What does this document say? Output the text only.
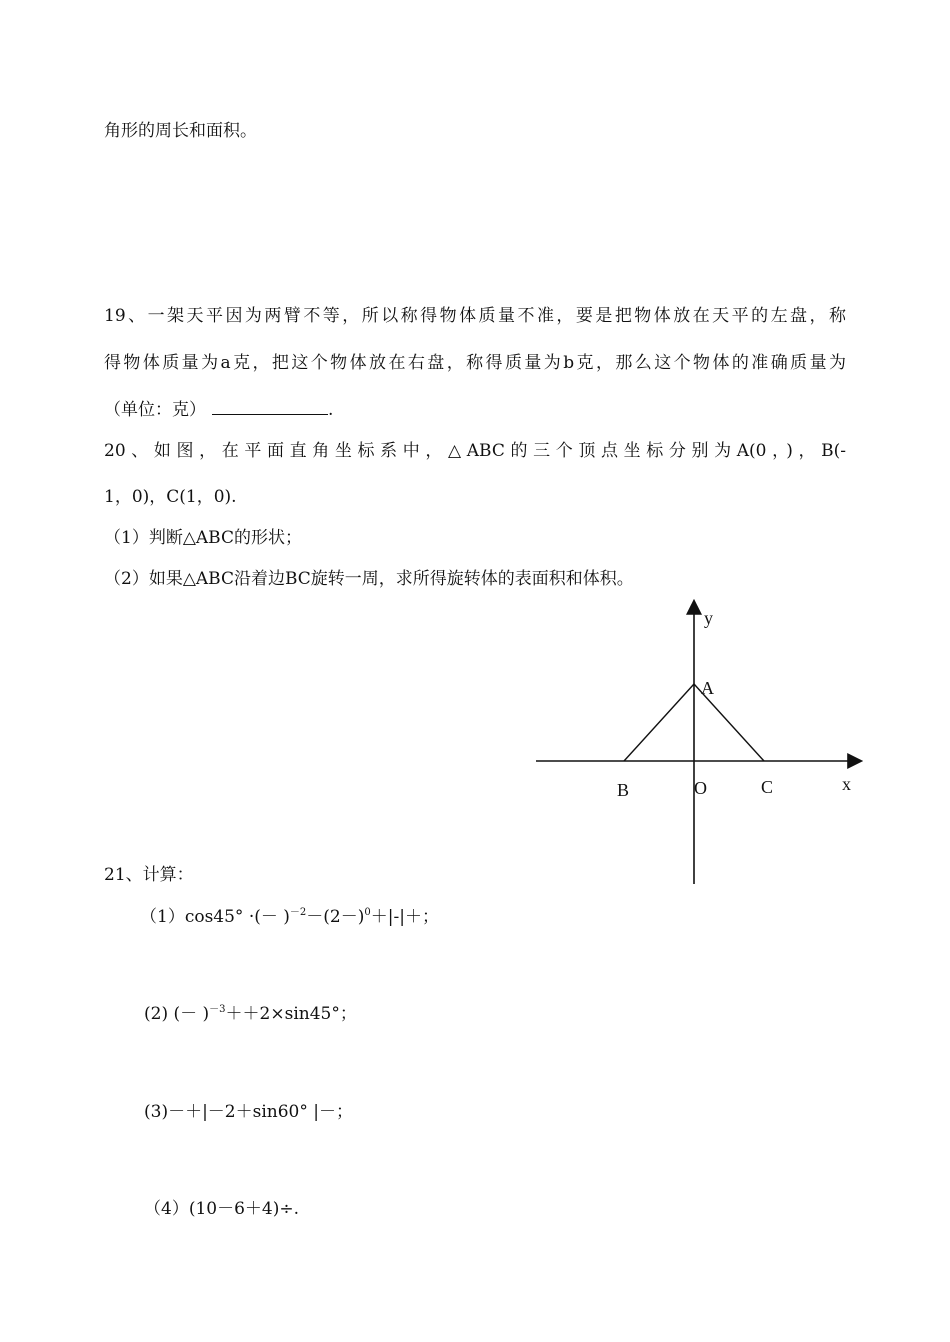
角形的周长和面积。
19、一架天平因为两臂不等，所以称得物体质量不准，要是把物体放在天平的左盘，称
得物体质量为a克，把这个物体放在右盘，称得质量为b克，那么这个物体的准确质量为
（单位：克）	.
20、如图，在平面直角坐标系中，△ABC的三个顶点坐标分别为A(0，)，B(-
1，0)，C(1，0).
（1）判断△ABC的形状；
（2）如果△ABC沿着边BC旋转一周，求所得旋转体的表面积和体积。
y
x
A
B	O	C
21、计算：
（1）cos45° ·(－ )$^{-2}-(2-)^0+|-|+$；
(2) (－ )$^{-3}$＋＋2×sin45°；
(3)－＋|－2＋sin60° |－；
（4）(10－6＋4)÷.
